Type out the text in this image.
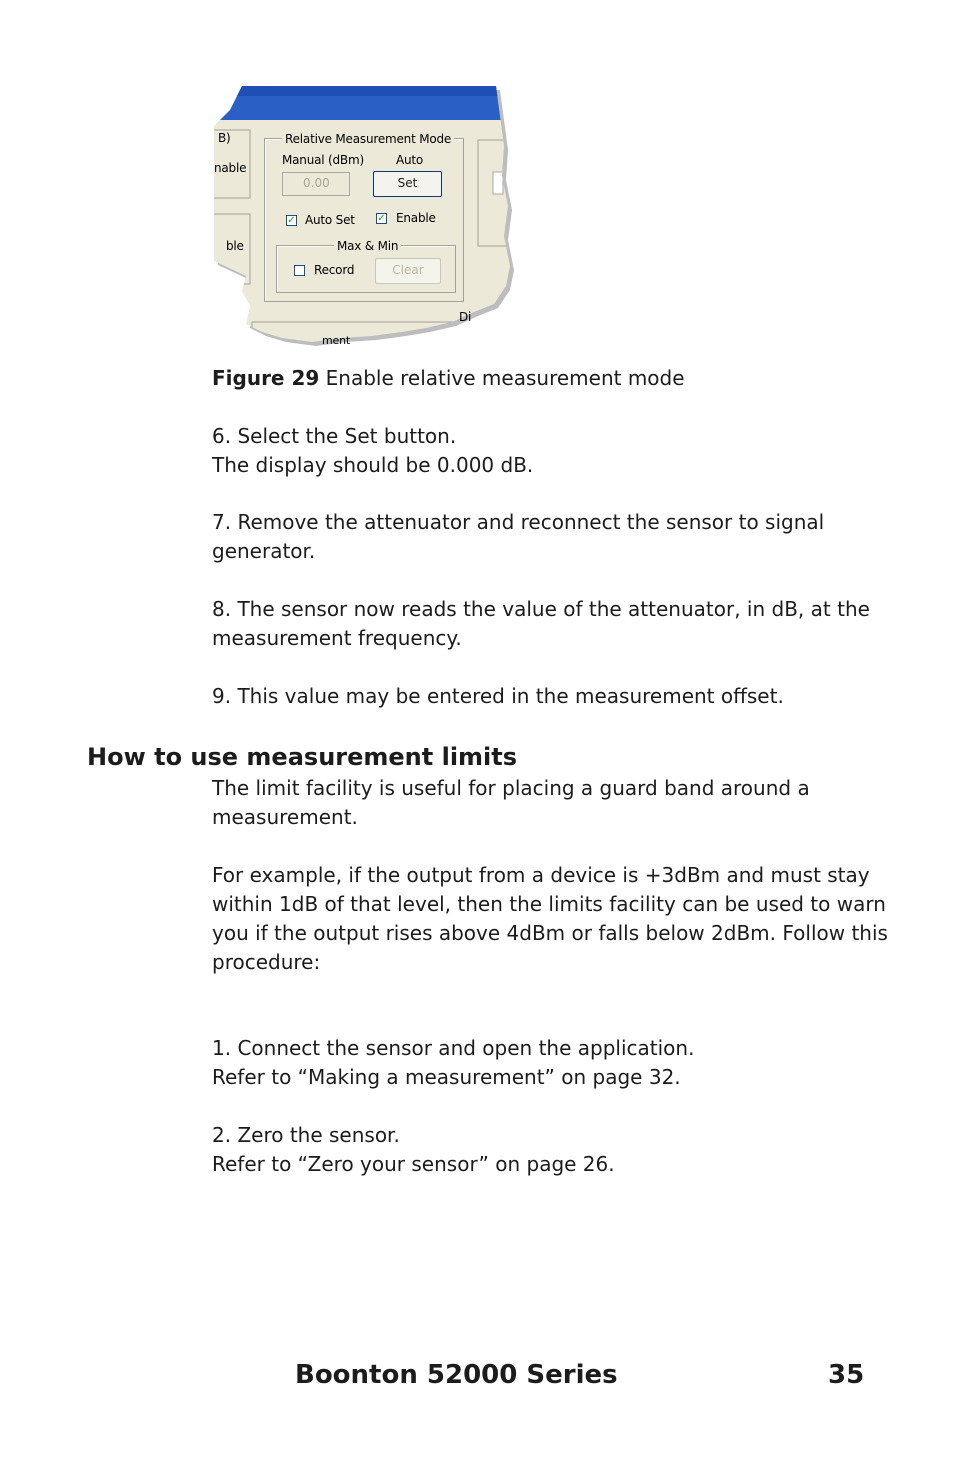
B)
nable
ble
Relative Measurement Mode
Manual (dBm)	Auto
0.00	Set
✓ Auto Set ✓ Enable
Max & Min
Record	Clear
Di
ment

Figure 29 Enable relative measurement mode

6. Select the Set button.

The display should be 0.000 dB.

7. Remove the attenuator and reconnect the sensor to signal

generator.

8. The sensor now reads the value of the attenuator, in dB, at the

measurement frequency.

9. This value may be entered in the measurement offset.

How to use measurement limits

The limit facility is useful for placing a guard band around a

measurement.

For example, if the output from a device is +3dBm and must stay

within 1dB of that level, then the limits facility can be used to warn

you if the output rises above 4dBm or falls below 2dBm. Follow this

procedure:

1. Connect the sensor and open the application.

Refer to “Making a measurement” on page 32.

2. Zero the sensor.

Refer to “Zero your sensor” on page 26.

Boonton 52000 Series	35
